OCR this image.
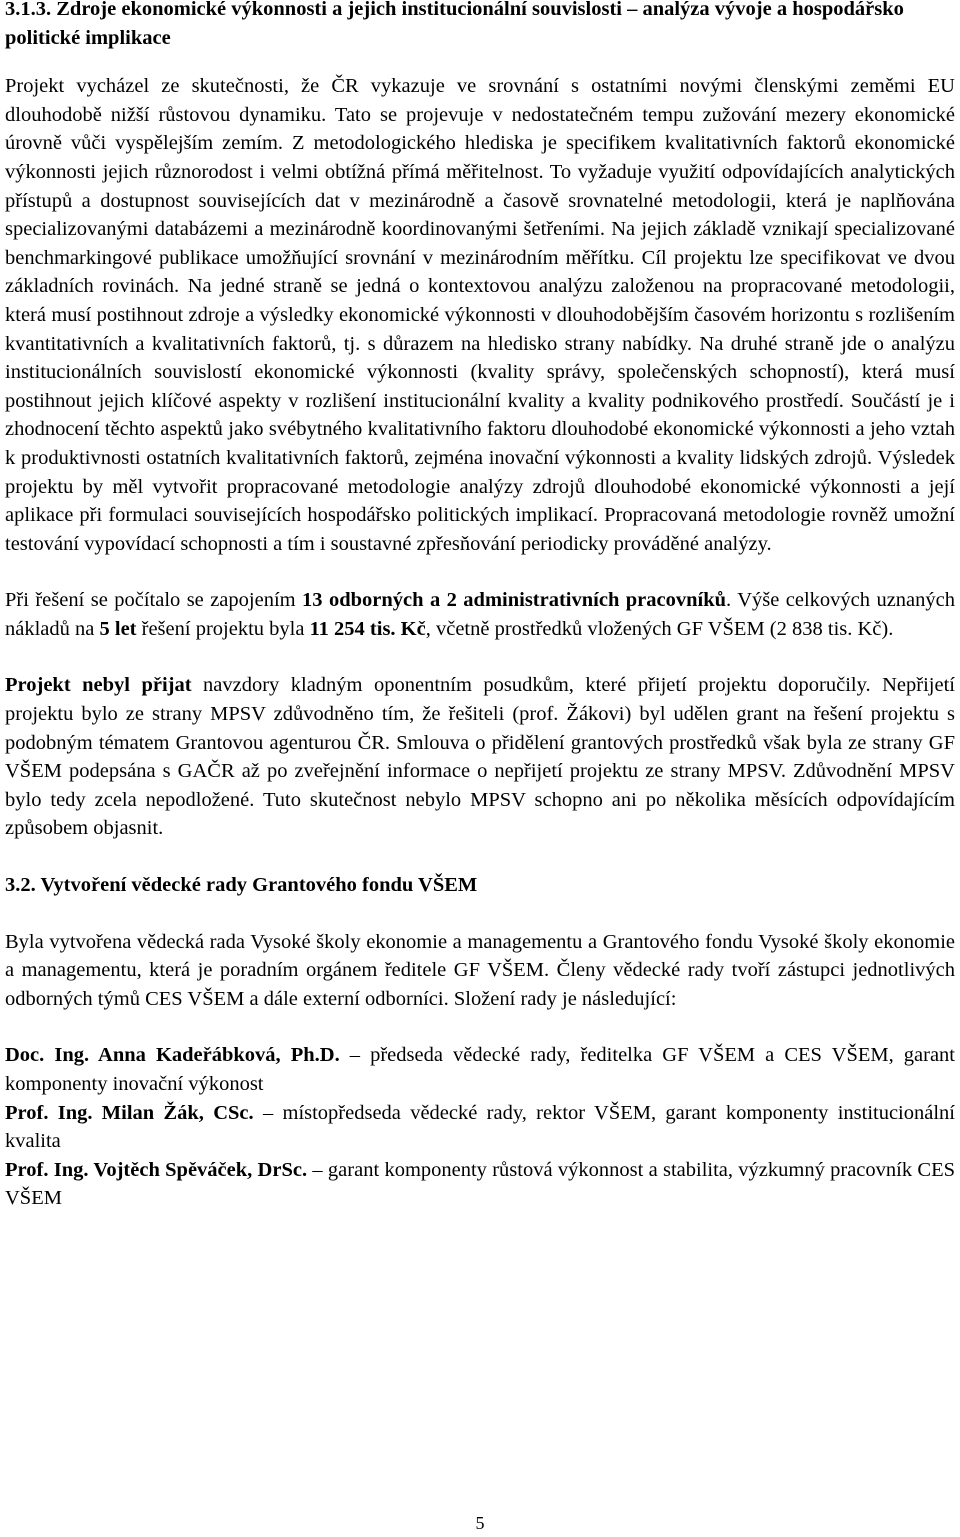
3.1.3. Zdroje ekonomické výkonnosti a jejich institucionální souvislosti – analýza vývoje a hospodářsko politické implikace

Projekt vycházel ze skutečnosti, že ČR vykazuje ve srovnání s ostatními novými členskými zeměmi EU dlouhodobě nižší růstovou dynamiku. Tato se projevuje v nedostatečném tempu zužování mezery ekonomické úrovně vůči vyspělejším zemím. Z metodologického hlediska je specifikem kvalitativních faktorů ekonomické výkonnosti jejich různorodost i velmi obtížná přímá měřitelnost. To vyžaduje využití odpovídajících analytických přístupů a dostupnost souvisejících dat v mezinárodně a časově srovnatelné metodologii, která je naplňována specializovanými databázemi a mezinárodně koordinovanými šetřeními. Na jejich základě vznikají specializované benchmarkingové publikace umožňující srovnání v mezinárodním měřítku. Cíl projektu lze specifikovat ve dvou základních rovinách. Na jedné straně se jedná o kontextovou analýzu založenou na propracované metodologii, která musí postihnout zdroje a výsledky ekonomické výkonnosti v dlouhodobějším časovém horizontu s rozlišením kvantitativních a kvalitativních faktorů, tj. s důrazem na hledisko strany nabídky. Na druhé straně jde o analýzu institucionálních souvislostí ekonomické výkonnosti (kvality správy, společenských schopností), která musí postihnout jejich klíčové aspekty v rozlišení institucionální kvality a kvality podnikového prostředí. Součástí je i zhodnocení těchto aspektů jako svébytného kvalitativního faktoru dlouhodobé ekonomické výkonnosti a jeho vztah k produktivnosti ostatních kvalitativních faktorů, zejména inovační výkonnosti a kvality lidských zdrojů. Výsledek projektu by měl vytvořit propracované metodologie analýzy zdrojů dlouhodobé ekonomické výkonnosti a její aplikace při formulaci souvisejících hospodářsko politických implikací. Propracovaná metodologie rovněž umožní testování vypovídací schopnosti a tím i soustavné zpřesňování periodicky prováděné analýzy.

Při řešení se počítalo se zapojením 13 odborných a 2 administrativních pracovníků. Výše celkových uznaných nákladů na 5 let řešení projektu byla 11 254 tis. Kč, včetně prostředků vložených GF VŠEM (2 838 tis. Kč).

Projekt nebyl přijat navzdory kladným oponentním posudkům, které přijetí projektu doporučily. Nepřijetí projektu bylo ze strany MPSV zdůvodněno tím, že řešiteli (prof. Žákovi) byl udělen grant na řešení projektu s podobným tématem Grantovou agenturou ČR. Smlouva o přidělení grantových prostředků však byla ze strany GF VŠEM podepsána s GAČR až po zveřejnění informace o nepřijetí projektu ze strany MPSV. Zdůvodnění MPSV bylo tedy zcela nepodložené. Tuto skutečnost nebylo MPSV schopno ani po několika měsících odpovídajícím způsobem objasnit.

3.2. Vytvoření vědecké rady Grantového fondu VŠEM

Byla vytvořena vědecká rada Vysoké školy ekonomie a managementu a Grantového fondu Vysoké školy ekonomie a managementu, která je poradním orgánem ředitele GF VŠEM. Členy vědecké rady tvoří zástupci jednotlivých odborných týmů CES VŠEM a dále externí odborníci. Složení rady je následující:

Doc. Ing. Anna Kadeřábková, Ph.D. – předseda vědecké rady, ředitelka GF VŠEM a CES VŠEM, garant komponenty inovační výkonost

Prof. Ing. Milan Žák, CSc. – místopředseda vědecké rady, rektor VŠEM, garant komponenty institucionální kvalita

Prof. Ing. Vojtěch Spěváček, DrSc. – garant komponenty růstová výkonnost a stabilita, výzkumný pracovník CES VŠEM

5
